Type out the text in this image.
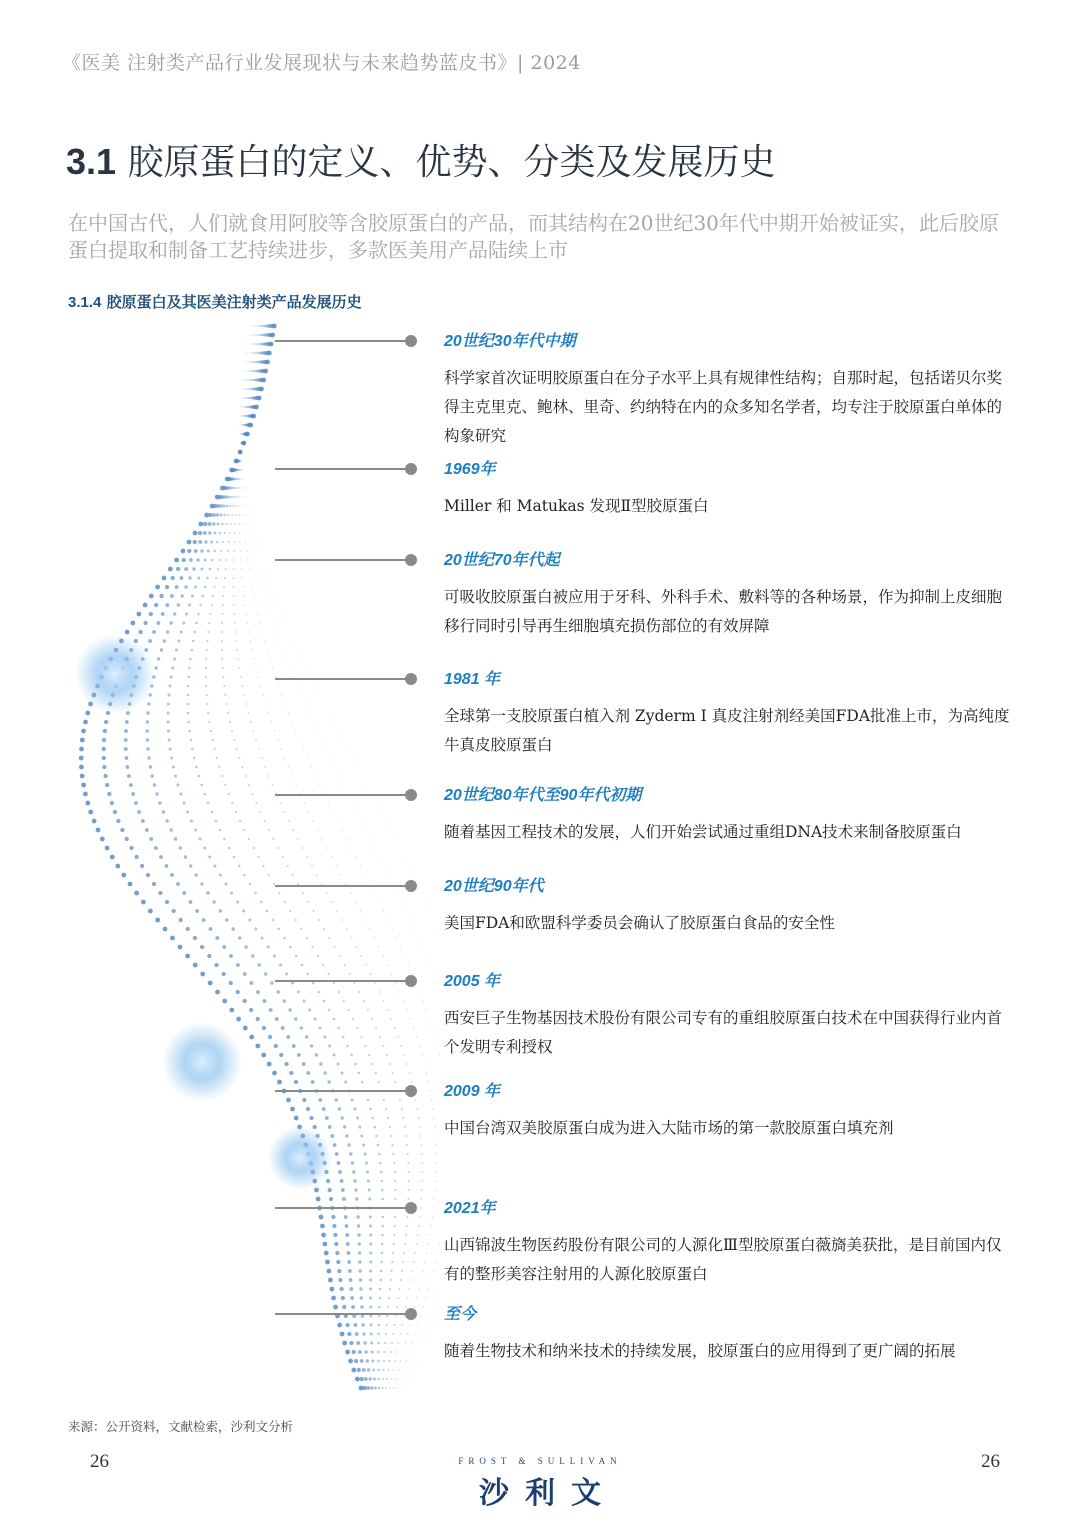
《医美 注射类产品行业发展现状与未来趋势蓝皮书》| 2024
3.1 胶原蛋白的定义、优势、分类及发展历史

在中国古代，人们就食用阿胶等含胶原蛋白的产品，而其结构在20世纪30年代中期开始被证实，此后胶原蛋白提取和制备工艺持续进步，多款医美用产品陆续上市

3.1.4 胶原蛋白及其医美注射类产品发展历史
20世纪30年代中期

科学家首次证明胶原蛋白在分子水平上具有规律性结构；自那时起，包括诺贝尔奖得主克里克、鲍林、里奇、约纳特在内的众多知名学者，均专注于胶原蛋白单体的构象研究

1969年

Miller 和 Matukas 发现Ⅱ型胶原蛋白

20世纪70年代起

可吸收胶原蛋白被应用于牙科、外科手术、敷料等的各种场景，作为抑制上皮细胞移行同时引导再生细胞填充损伤部位的有效屏障

1981 年

全球第一支胶原蛋白植入剂 Zyderm Ⅰ 真皮注射剂经美国FDA批准上市，为高纯度牛真皮胶原蛋白

20世纪80年代至90年代初期

随着基因工程技术的发展，人们开始尝试通过重组DNA技术来制备胶原蛋白

20世纪90年代

美国FDA和欧盟科学委员会确认了胶原蛋白食品的安全性

2005 年

西安巨子生物基因技术股份有限公司专有的重组胶原蛋白技术在中国获得行业内首个发明专利授权

2009 年

中国台湾双美胶原蛋白成为进入大陆市场的第一款胶原蛋白填充剂

2021年

山西锦波生物医药股份有限公司的人源化Ⅲ型胶原蛋白薇旖美获批，是目前国内仅有的整形美容注射用的人源化胶原蛋白

至今

随着生物技术和纳米技术的持续发展，胶原蛋白的应用得到了更广阔的拓展

来源：公开资料，文献检索，沙利文分析
26	26
FROST & SULLIVAN
沙利文
